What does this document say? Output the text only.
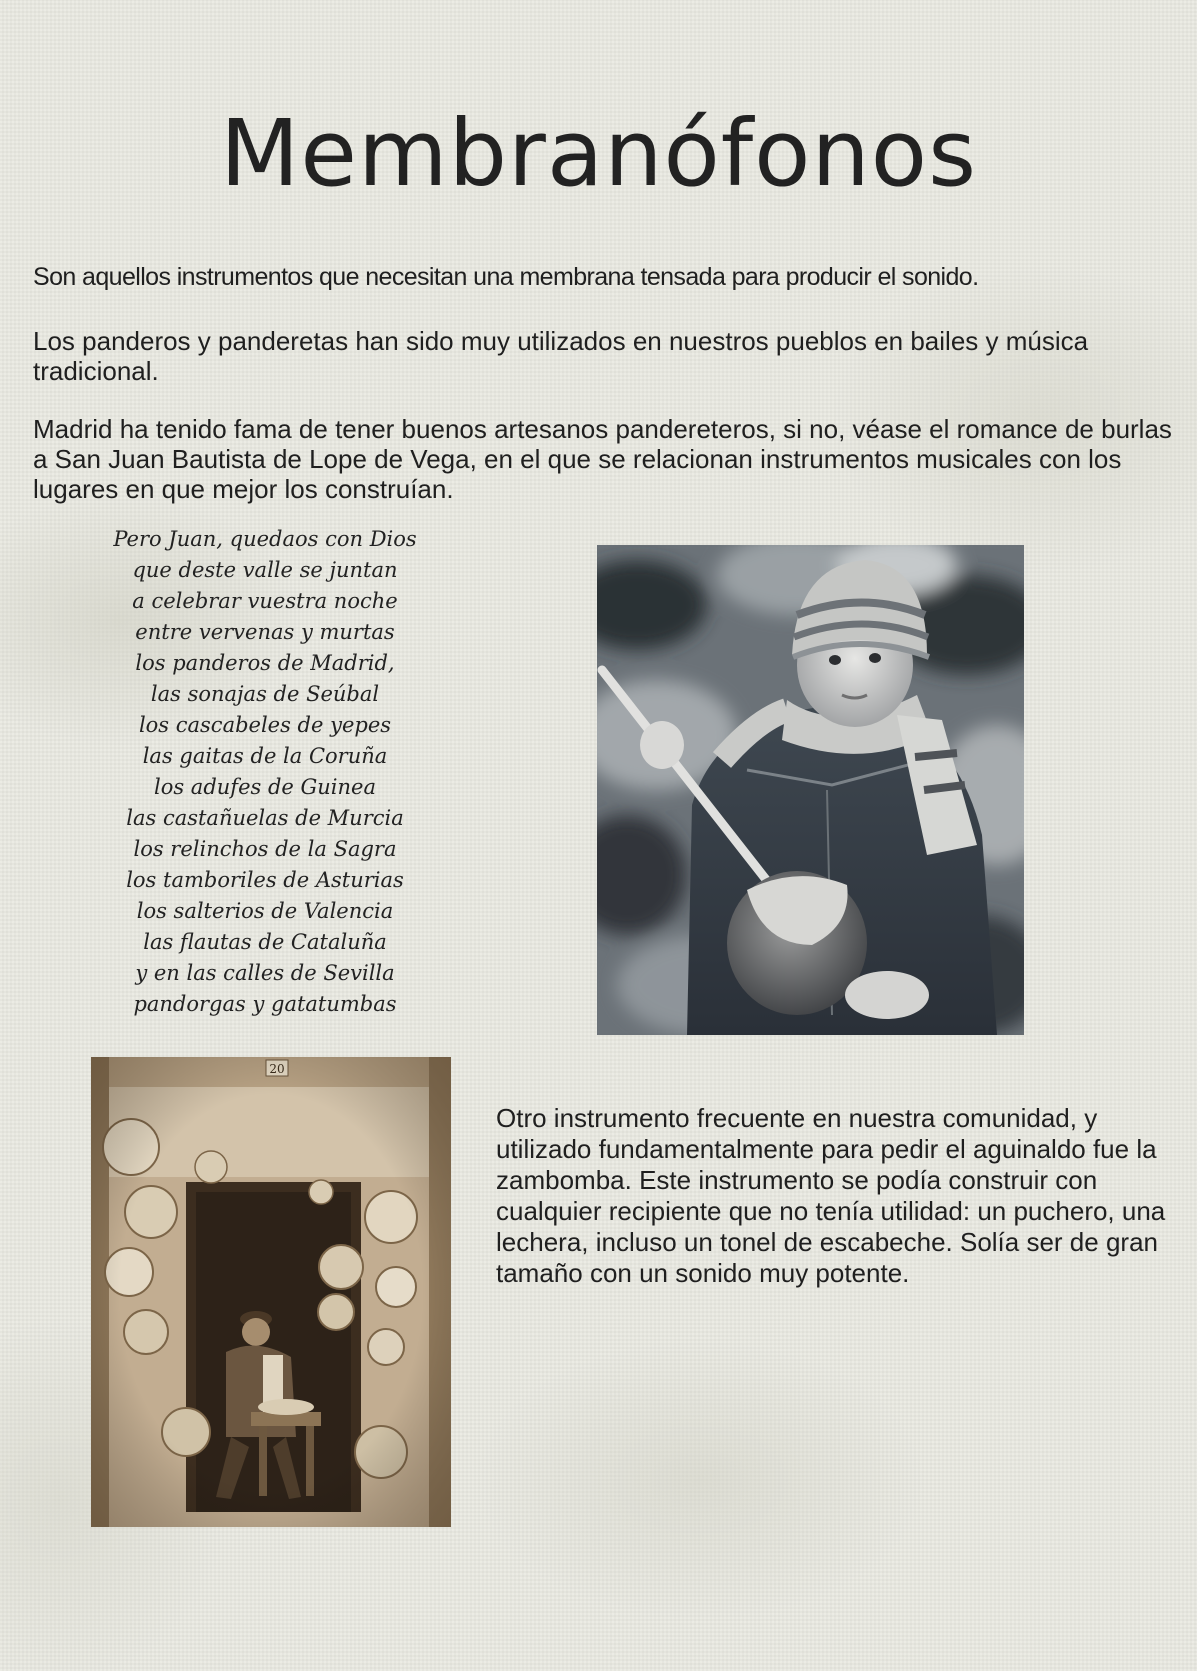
Membranófonos

Son aquellos instrumentos que necesitan una membrana tensada para producir el sonido.

Los panderos y panderetas han sido muy utilizados en nuestros pueblos en bailes y música tradicional.

Madrid ha tenido fama de tener buenos artesanos pandereteros, si no, véase el romance de burlas a San Juan Bautista de Lope de Vega, en el que se relacionan instrumentos musicales con los lugares en que mejor los construían.

Pero Juan, quedaos con Dios
que deste valle se juntan
a celebrar vuestra noche
entre vervenas y murtas
los panderos de Madrid,
las sonajas de Seúbal
los cascabeles de yepes
las gaitas de la Coruña
los adufes de Guinea
las castañuelas de Murcia
los relinchos de la Sagra
los tamboriles de Asturias
los salterios de Valencia
las flautas de Cataluña
y en las calles de Sevilla
pandorgas y gatatumbas

Otro instrumento frecuente en nuestra comunidad, y utilizado fundamentalmente para pedir el aguinaldo fue la zambomba. Este instrumento se podía construir con cualquier recipiente que no tenía utilidad: un puchero, una lechera, incluso un tonel de escabeche. Solía ser de gran tamaño con un sonido muy potente.
